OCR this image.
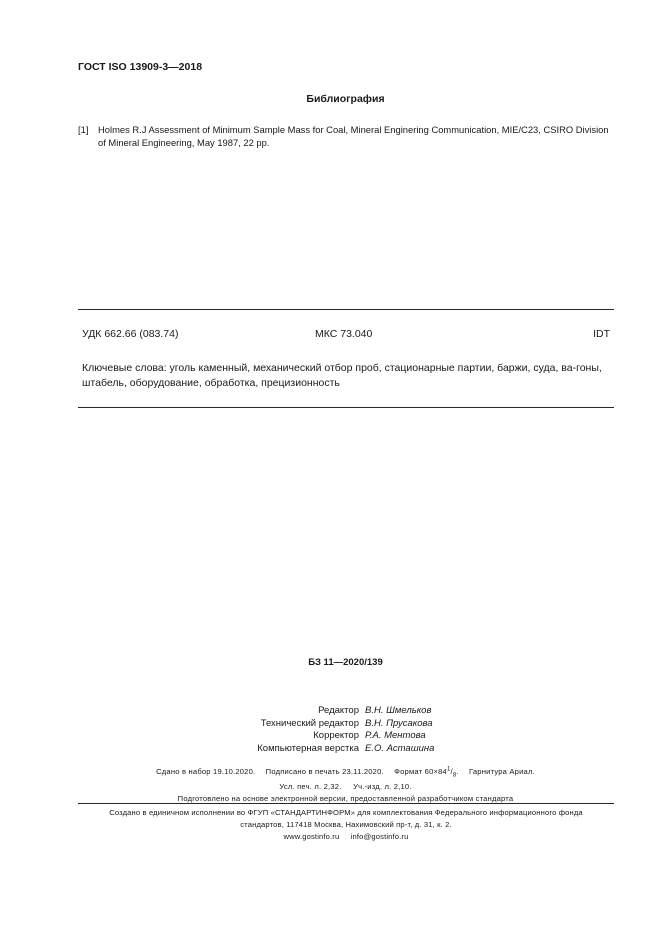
ГОСТ ISO 13909-3—2018
Библиография
[1]	Holmes R.J Assessment of Minimum Sample Mass for Coal, Mineral Enginering Communication, MIE/C23, CSIRO Division of Mineral Engineering, May 1987, 22 pp.
УДК 662.66 (083.74)	МКС 73.040	IDT
Ключевые слова: уголь каменный, механический отбор проб, стационарные партии, баржи, суда, ва-гоны, штабель, оборудование, обработка, прецизионность
БЗ 11—2020/139
Редактор В.Н. Шмельков
Технический редактор В.Н. Прусакова
Корректор Р.А. Ментова
Компьютерная верстка Е.О. Асташина
Сдано в набор 19.10.2020. Подписано в печать 23.11.2020. Формат $60\times 84^1/_8$. Гарнитура Ариал.
Усл. печ. л. 2,32. Уч.-изд. л. 2,10.
Подготовлено на основе электронной версии, предоставленной разработчиком стандарта
Создано в единичном исполнении во ФГУП «СТАНДАРТИНФОРМ» для комплектования Федерального информационного фонда
стандартов, 117418 Москва, Нахимовский пр-т, д. 31, к. 2.
www.gostinfo.ru info@gostinfo.ru
